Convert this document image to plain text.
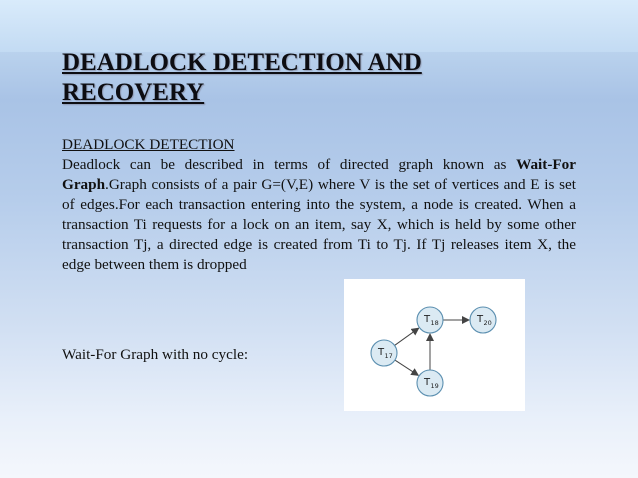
DEADLOCK DETECTION AND RECOVERY
DEADLOCK DETECTION

Deadlock can be described in terms of directed graph known as Wait-For Graph.Graph consists of a pair G=(V,E) where V is the set of vertices and E is set of edges.For each transaction entering into the system, a node is created. When a transaction Ti requests for a lock on an item, say X, which is held by some other transaction Tj, a directed edge is created from Ti to Tj. If Tj releases item X, the edge between them is dropped

Wait-For Graph with no cycle:	T 17
T 18
T 19
T 20
